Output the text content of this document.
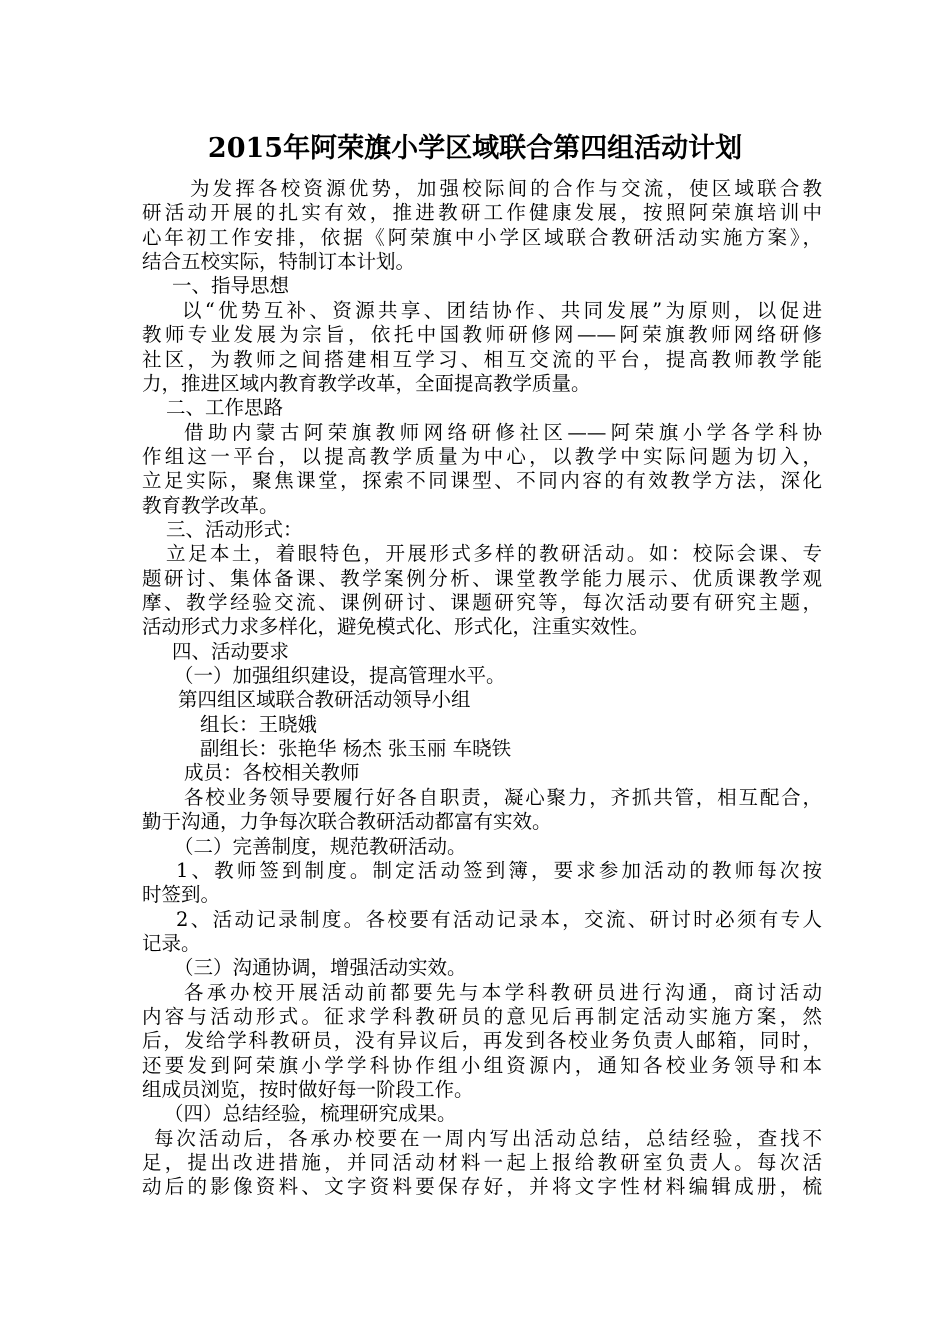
2015年阿荣旗小学区域联合第四组活动计划
为发挥各校资源优势，加强校际间的合作与交流，使区域联合教
研活动开展的扎实有效，推进教研工作健康发展，按照阿荣旗培训中
心年初工作安排，依据《阿荣旗中小学区域联合教研活动实施方案》，
结合五校实际，特制订本计划。
一、指导思想
以“优势互补、资源共享、团结协作、共同发展”为原则，以促进
教师专业发展为宗旨，依托中国教师研修网——阿荣旗教师网络研修
社区，为教师之间搭建相互学习、相互交流的平台，提高教师教学能
力，推进区域内教育教学改革，全面提高教学质量。
二、工作思路
借助内蒙古阿荣旗教师网络研修社区——阿荣旗小学各学科协
作组这一平台，以提高教学质量为中心，以教学中实际问题为切入，
立足实际，聚焦课堂，探索不同课型、不同内容的有效教学方法，深化
教育教学改革。
三、活动形式：
立足本土，着眼特色，开展形式多样的教研活动。如：校际会课、专
题研讨、集体备课、教学案例分析、课堂教学能力展示、优质课教学观
摩、教学经验交流、课例研讨、课题研究等，每次活动要有研究主题，
活动形式力求多样化，避免模式化、形式化，注重实效性。
四、活动要求
（一）加强组织建设，提高管理水平。
第四组区域联合教研活动领导小组
组长：王晓娥
副组长：张艳华 杨杰 张玉丽 车晓铁
成员：各校相关教师
各校业务领导要履行好各自职责，凝心聚力，齐抓共管，相互配合，
勤于沟通，力争每次联合教研活动都富有实效。
（二）完善制度，规范教研活动。
1、教师签到制度。制定活动签到簿，要求参加活动的教师每次按
时签到。
2、活动记录制度。各校要有活动记录本，交流、研讨时必须有专人
记录。
（三）沟通协调，增强活动实效。
各承办校开展活动前都要先与本学科教研员进行沟通，商讨活动
内容与活动形式。征求学科教研员的意见后再制定活动实施方案，然
后，发给学科教研员，没有异议后，再发到各校业务负责人邮箱，同时，
还要发到阿荣旗小学学科协作组小组资源内，通知各校业务领导和本
组成员浏览，按时做好每一阶段工作。
（四）总结经验，梳理研究成果。
每次活动后，各承办校要在一周内写出活动总结，总结经验，查找不
足，提出改进措施，并同活动材料一起上报给教研室负责人。每次活
动后的影像资料、文字资料要保存好，并将文字性材料编辑成册，梳
